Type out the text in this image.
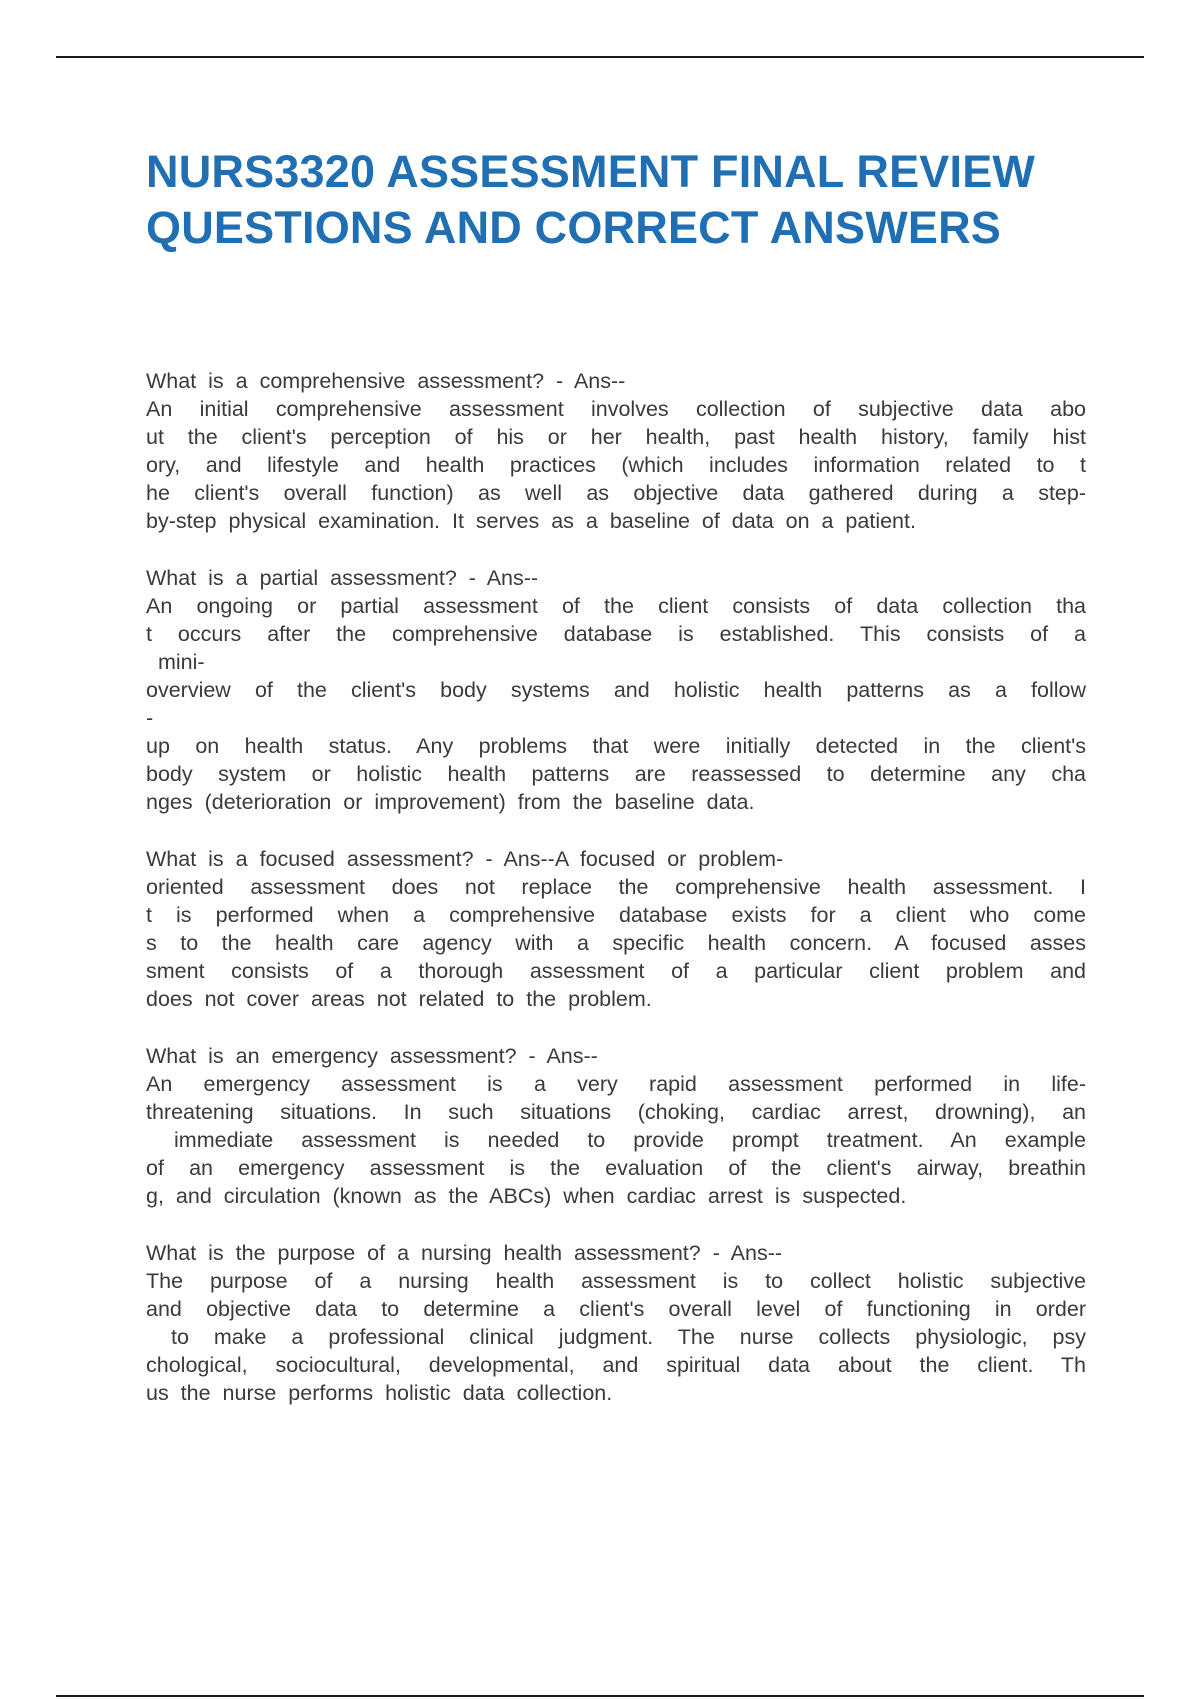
NURS3320 ASSESSMENT FINAL REVIEW QUESTIONS AND CORRECT ANSWERS
What is a comprehensive assessment? - Ans--
An initial comprehensive assessment involves collection of subjective data abo
ut the client's perception of his or her health, past health history, family hist
ory, and lifestyle and health practices (which includes information related to t
he client's overall function) as well as objective data gathered during a step-
by-step physical examination. It serves as a baseline of data on a patient.
What is a partial assessment? - Ans--
An ongoing or partial assessment of the client consists of data collection tha
t occurs after the comprehensive database is established. This consists of a
mini-
overview of the client's body systems and holistic health patterns as a follow
-
up on health status. Any problems that were initially detected in the client's
body system or holistic health patterns are reassessed to determine any cha
nges (deterioration or improvement) from the baseline data.
What is a focused assessment? - Ans--A focused or problem-
oriented assessment does not replace the comprehensive health assessment. I
t is performed when a comprehensive database exists for a client who come
s to the health care agency with a specific health concern. A focused asses
sment consists of a thorough assessment of a particular client problem and
does not cover areas not related to the problem.
What is an emergency assessment? - Ans--
An emergency assessment is a very rapid assessment performed in life-
threatening situations. In such situations (choking, cardiac arrest, drowning), an
immediate assessment is needed to provide prompt treatment. An example
of an emergency assessment is the evaluation of the client's airway, breathin
g, and circulation (known as the ABCs) when cardiac arrest is suspected.
What is the purpose of a nursing health assessment? - Ans--
The purpose of a nursing health assessment is to collect holistic subjective
and objective data to determine a client's overall level of functioning in order
to make a professional clinical judgment. The nurse collects physiologic, psy
chological, sociocultural, developmental, and spiritual data about the client. Th
us the nurse performs holistic data collection.
